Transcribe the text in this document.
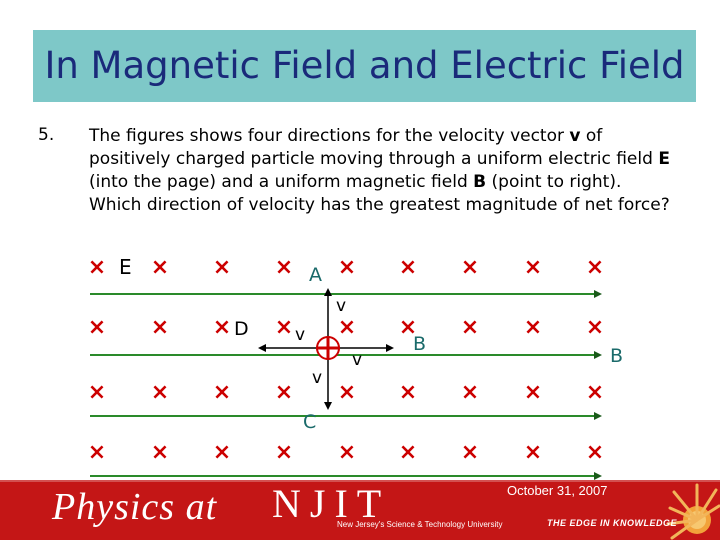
In Magnetic Field and Electric Field
5. The figures shows four directions for the velocity vector v of
positively charged particle moving through a uniform electric field E
(into the page) and a uniform magnetic field B (point to right).
Which direction of velocity has the greatest magnitude of net force?
× × × × × × × × ×
× × × × × × × × ×
× × × × × × × × ×
× × × × × × × × ×
E	A
D
C
B
B
v
v
v
v
Physics at NJIT
New Jersey's Science & Technology University	THE EDGE IN KNOWLEDGE
October 31, 2007
